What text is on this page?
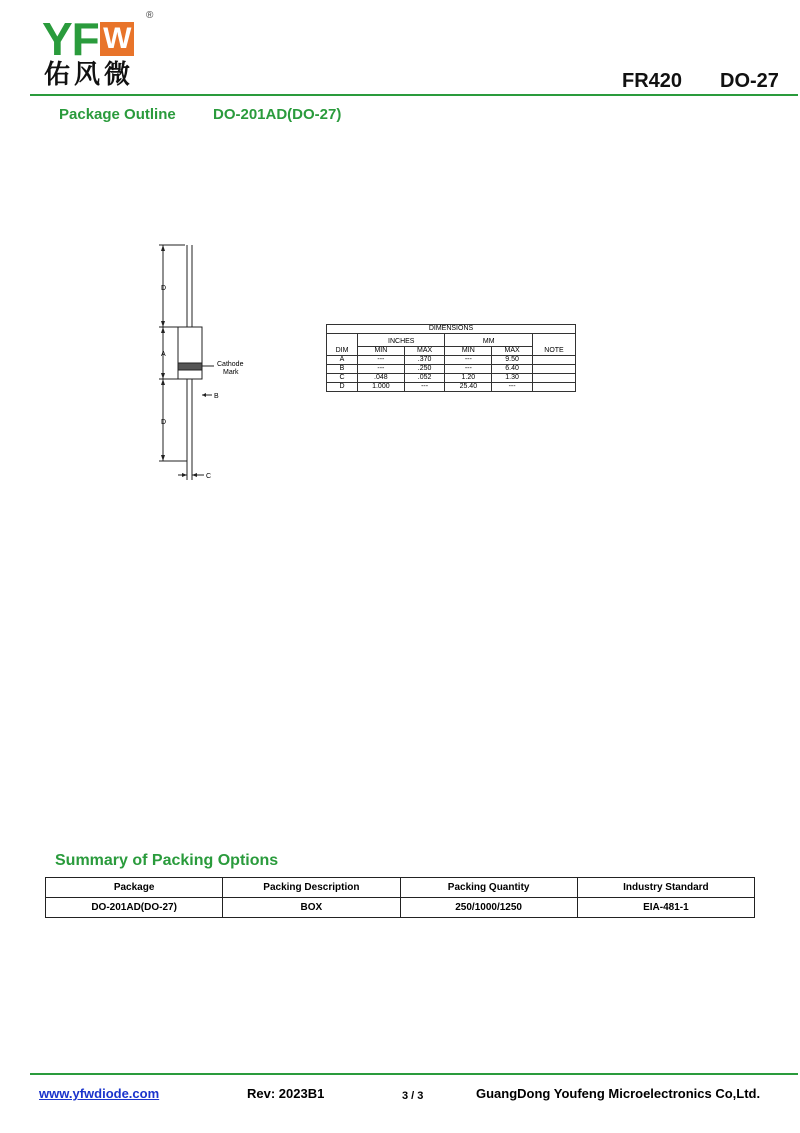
YF W
®
佑风微	FR420 DO-27
Package Outline DO-201AD(DO-27)
D
A
B
D
C
Cathode
Mark
DIMENSIONS					
	INCHES		MM		
DIM	MIN	MAX	MIN	MAX	NOTE
A	---	.370	---	9.50	
B	---	.250	---	6.40	
C	.048	.052	1.20	1.30	
D	1.000	---	25.40	---	
Summary of Packing Options
Package	Packing Description	Packing Quantity	Industry Standard
DO-201AD(DO-27)	BOX	250/1000/1250	EIA-481-1
www.yfwdiode.com	Rev: 2023B1	3 / 3	GuangDong Youfeng Microelectronics Co,Ltd.
